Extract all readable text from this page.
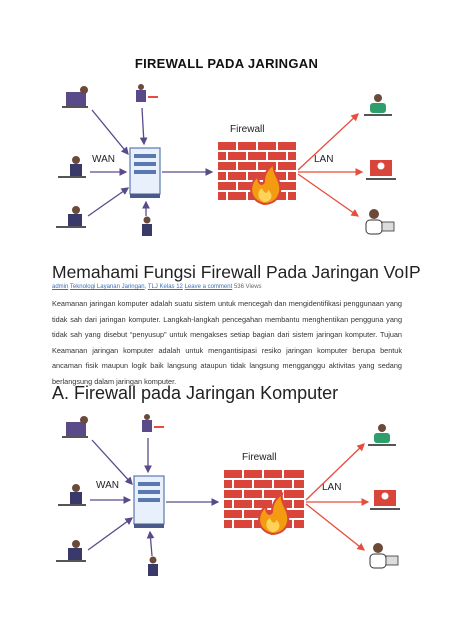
FIREWALL PADA JARINGAN
WAN
Firewall
LAN
Memahami Fungsi Firewall Pada Jaringan VoIP
admin Teknologi Layanan Jaringan, TLJ Kelas 12 Leave a comment 536 Views

Keamanan jaringan komputer adalah suatu sistem untuk mencegah dan mengidentifikasi penggunaan yang tidak sah dari jaringan komputer. Langkah-langkah pencegahan membantu menghentikan pengguna yang tidak sah yang disebut “penyusup” untuk mengakses setiap bagian dari sistem jaringan komputer. Tujuan Keamanan jaringan komputer adalah untuk mengantisipasi resiko jaringan komputer berupa bentuk ancaman fisik maupun logik baik langsung ataupun tidak langsung mengganggu aktivitas yang sedang berlangsung dalam jaringan komputer.

A. Firewall pada Jaringan Komputer
WAN
Firewall
LAN
